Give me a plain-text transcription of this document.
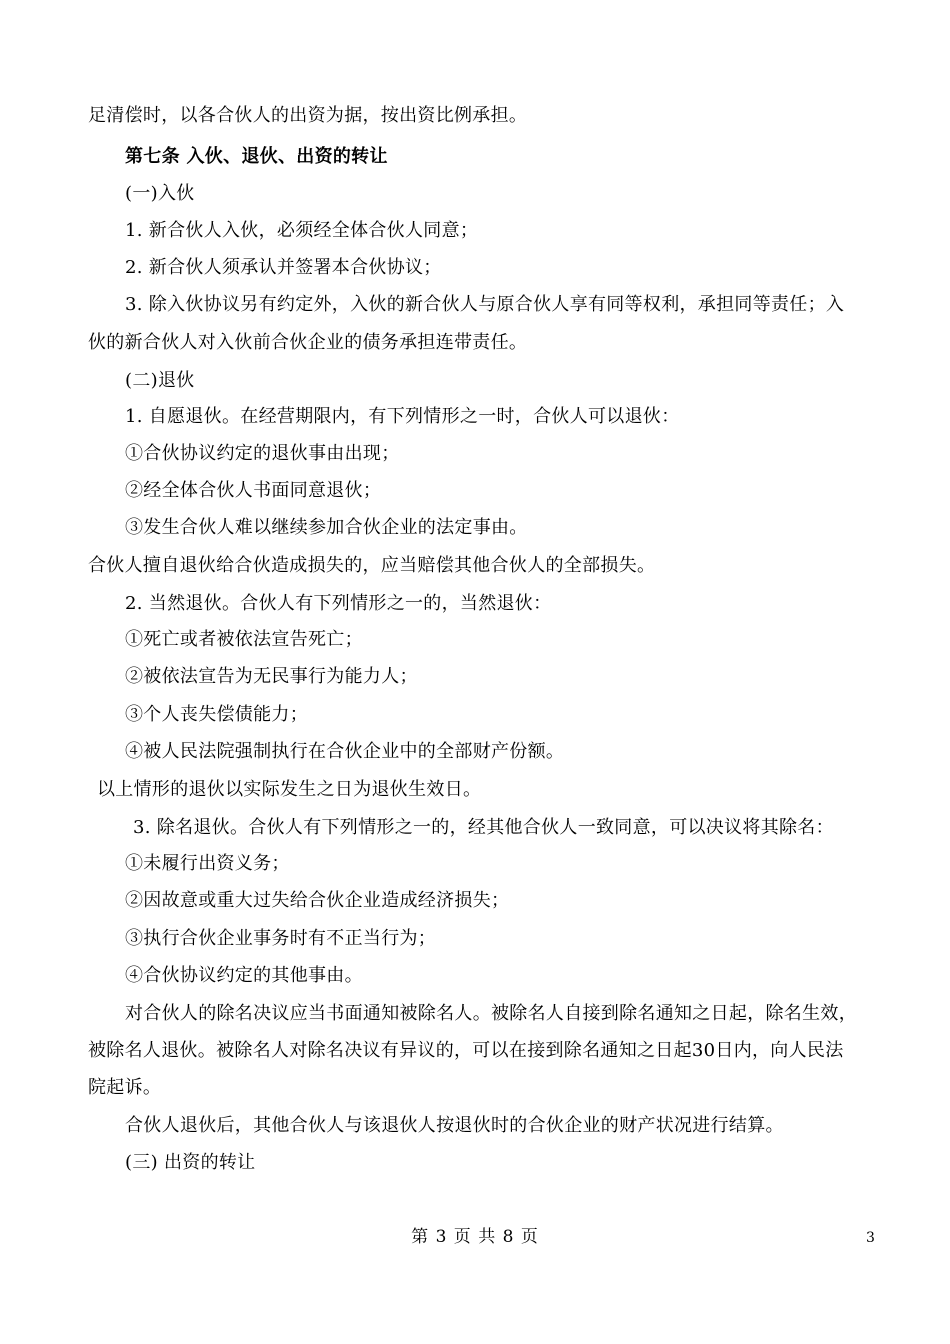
足清偿时，以各合伙人的出资为据，按出资比例承担。
第七条 入伙、退伙、出资的转让
(一)入伙
1. 新合伙人入伙，必须经全体合伙人同意；
2. 新合伙人须承认并签署本合伙协议；
3. 除入伙协议另有约定外，入伙的新合伙人与原合伙人享有同等权利，承担同等责任；入
伙的新合伙人对入伙前合伙企业的债务承担连带责任。
(二)退伙
1. 自愿退伙。在经营期限内，有下列情形之一时，合伙人可以退伙：
①合伙协议约定的退伙事由出现；
②经全体合伙人书面同意退伙；
③发生合伙人难以继续参加合伙企业的法定事由。
合伙人擅自退伙给合伙造成损失的，应当赔偿其他合伙人的全部损失。
2. 当然退伙。合伙人有下列情形之一的，当然退伙：
①死亡或者被依法宣告死亡；
②被依法宣告为无民事行为能力人；
③个人丧失偿债能力；
④被人民法院强制执行在合伙企业中的全部财产份额。
以上情形的退伙以实际发生之日为退伙生效日。
3. 除名退伙。合伙人有下列情形之一的，经其他合伙人一致同意，可以决议将其除名：
①未履行出资义务；
②因故意或重大过失给合伙企业造成经济损失；
③执行合伙企业事务时有不正当行为；
④合伙协议约定的其他事由。
对合伙人的除名决议应当书面通知被除名人。被除名人自接到除名通知之日起，除名生效，
被除名人退伙。被除名人对除名决议有异议的，可以在接到除名通知之日起30日内，向人民法
院起诉。
合伙人退伙后，其他合伙人与该退伙人按退伙时的合伙企业的财产状况进行结算。
(三) 出资的转让
第 3 页 共 8 页	3
